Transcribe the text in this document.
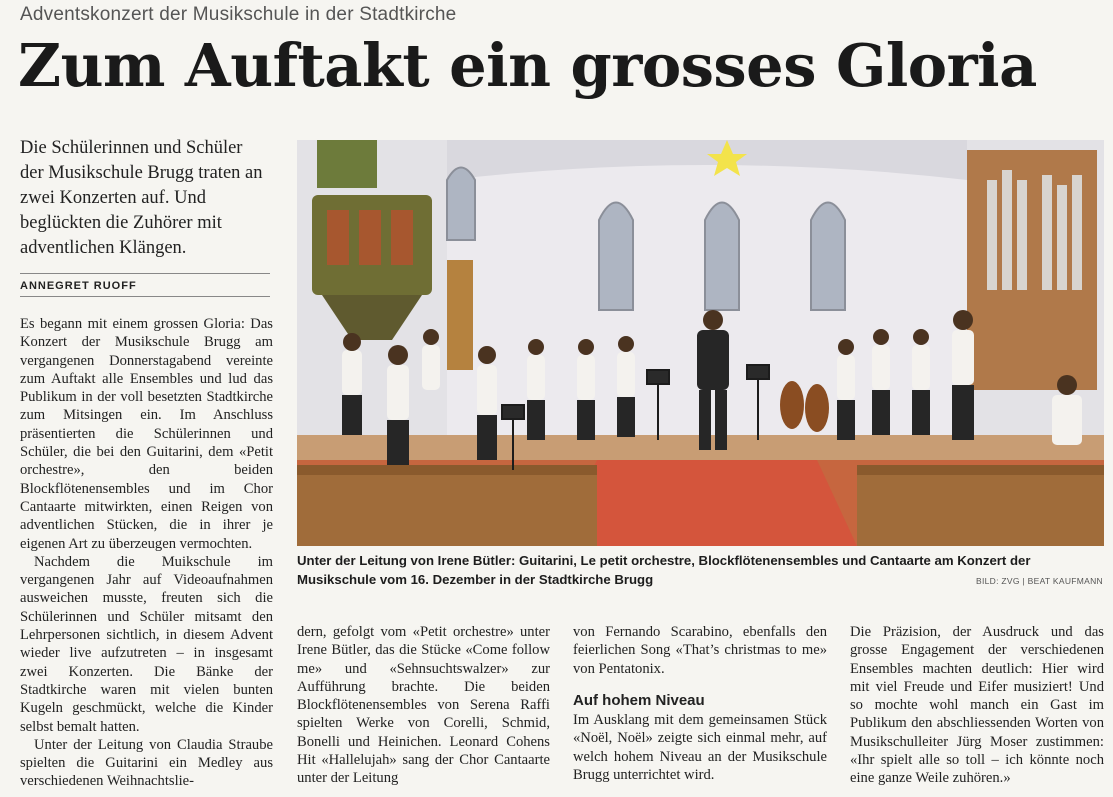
Adventskonzert der Musikschule in der Stadtkirche
Zum Auftakt ein grosses Gloria
Die Schülerinnen und Schüler der Musikschule Brugg traten an zwei Konzerten auf. Und beglückten die Zuhörer mit adventlichen Klängen.
ANNEGRET RUOFF

Es begann mit einem grossen Gloria: Das Konzert der Musikschule Brugg am vergangenen Donnerstagabend vereinte zum Auftakt alle Ensembles und lud das Publikum in der voll besetzten Stadtkirche zum Mitsingen ein. Im Anschluss präsentierten die Schülerinnen und Schüler, die bei den Guitarini, dem «Petit orchestre», den beiden Blockflötenensembles und im Chor Cantaarte mitwirkten, einen Reigen von adventlichen Stücken, die in ihrer je eigenen Art zu überzeugen vermochten.

Nachdem die Muikschule im vergangenen Jahr auf Videoaufnahmen ausweichen musste, freuten sich die Schülerinnen und Schüler mitsamt den Lehrpersonen sichtlich, in diesem Advent wieder live aufzutreten – in insgesamt zwei Konzerten. Die Bänke der Stadtkirche waren mit vielen bunten Kugeln geschmückt, welche die Kinder selbst bemalt hatten.

Unter der Leitung von Claudia Straube spielten die Guitarini ein Medley aus verschiedenen Weihnachtslie-

Unter der Leitung von Irene Bütler: Guitarini, Le petit orchestre, Blockflötenensembles und Cantaarte am Konzert der Musikschule vom 16. Dezember in der Stadtkirche Brugg	BILD: ZVG | BEAT KAUFMANN

dern, gefolgt vom «Petit orchestre» unter Irene Bütler, das die Stücke «Come follow me» und «Sehnsuchtswalzer» zur Aufführung brachte. Die beiden Blockflötenensembles von Serena Raffi spielten Werke von Corelli, Schmid, Bonelli und Heinichen. Leonard Cohens Hit «Hallelujah» sang der Chor Cantaarte unter der Leitung

von Fernando Scarabino, ebenfalls den feierlichen Song «That’s christmas to me» von Pentatonix.

Auf hohem Niveau

Im Ausklang mit dem gemeinsamen Stück «Noël, Noël» zeigte sich einmal mehr, auf welch hohem Niveau an der Musikschule Brugg unterrichtet wird.

Die Präzision, der Ausdruck und das grosse Engagement der verschiedenen Ensembles machten deutlich: Hier wird mit viel Freude und Eifer musiziert! Und so mochte wohl manch ein Gast im Publikum den abschliessenden Worten von Musikschulleiter Jürg Moser zustimmen: «Ihr spielt alle so toll – ich könnte noch eine ganze Weile zuhören.»
